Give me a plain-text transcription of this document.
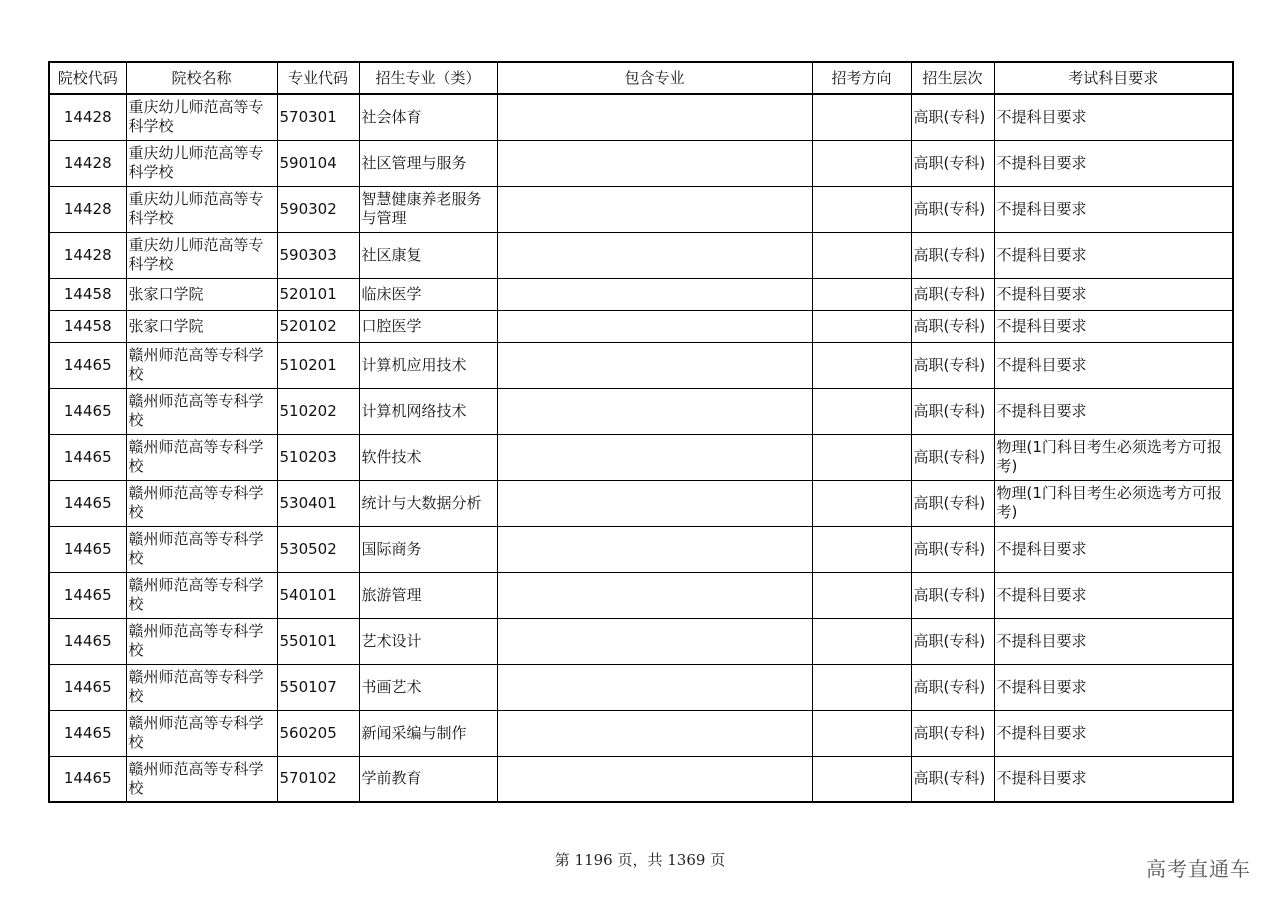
院校代码	院校名称	专业代码	招生专业（类）	包含专业	招考方向	招生层次	考试科目要求
14428	重庆幼儿师范高等专科学校	570301	社会体育			高职(专科)	不提科目要求
14428	重庆幼儿师范高等专科学校	590104	社区管理与服务			高职(专科)	不提科目要求
14428	重庆幼儿师范高等专科学校	590302	智慧健康养老服务与管理			高职(专科)	不提科目要求
14428	重庆幼儿师范高等专科学校	590303	社区康复			高职(专科)	不提科目要求
14458	张家口学院	520101	临床医学			高职(专科)	不提科目要求
14458	张家口学院	520102	口腔医学			高职(专科)	不提科目要求
14465	赣州师范高等专科学校	510201	计算机应用技术			高职(专科)	不提科目要求
14465	赣州师范高等专科学校	510202	计算机网络技术			高职(专科)	不提科目要求
14465	赣州师范高等专科学校	510203	软件技术			高职(专科)	物理(1门科目考生必须选考方可报考)
14465	赣州师范高等专科学校	530401	统计与大数据分析			高职(专科)	物理(1门科目考生必须选考方可报考)
14465	赣州师范高等专科学校	530502	国际商务			高职(专科)	不提科目要求
14465	赣州师范高等专科学校	540101	旅游管理			高职(专科)	不提科目要求
14465	赣州师范高等专科学校	550101	艺术设计			高职(专科)	不提科目要求
14465	赣州师范高等专科学校	550107	书画艺术			高职(专科)	不提科目要求
14465	赣州师范高等专科学校	560205	新闻采编与制作			高职(专科)	不提科目要求
14465	赣州师范高等专科学校	570102	学前教育			高职(专科)	不提科目要求
第 1196 页，共 1369 页	高考直通车
